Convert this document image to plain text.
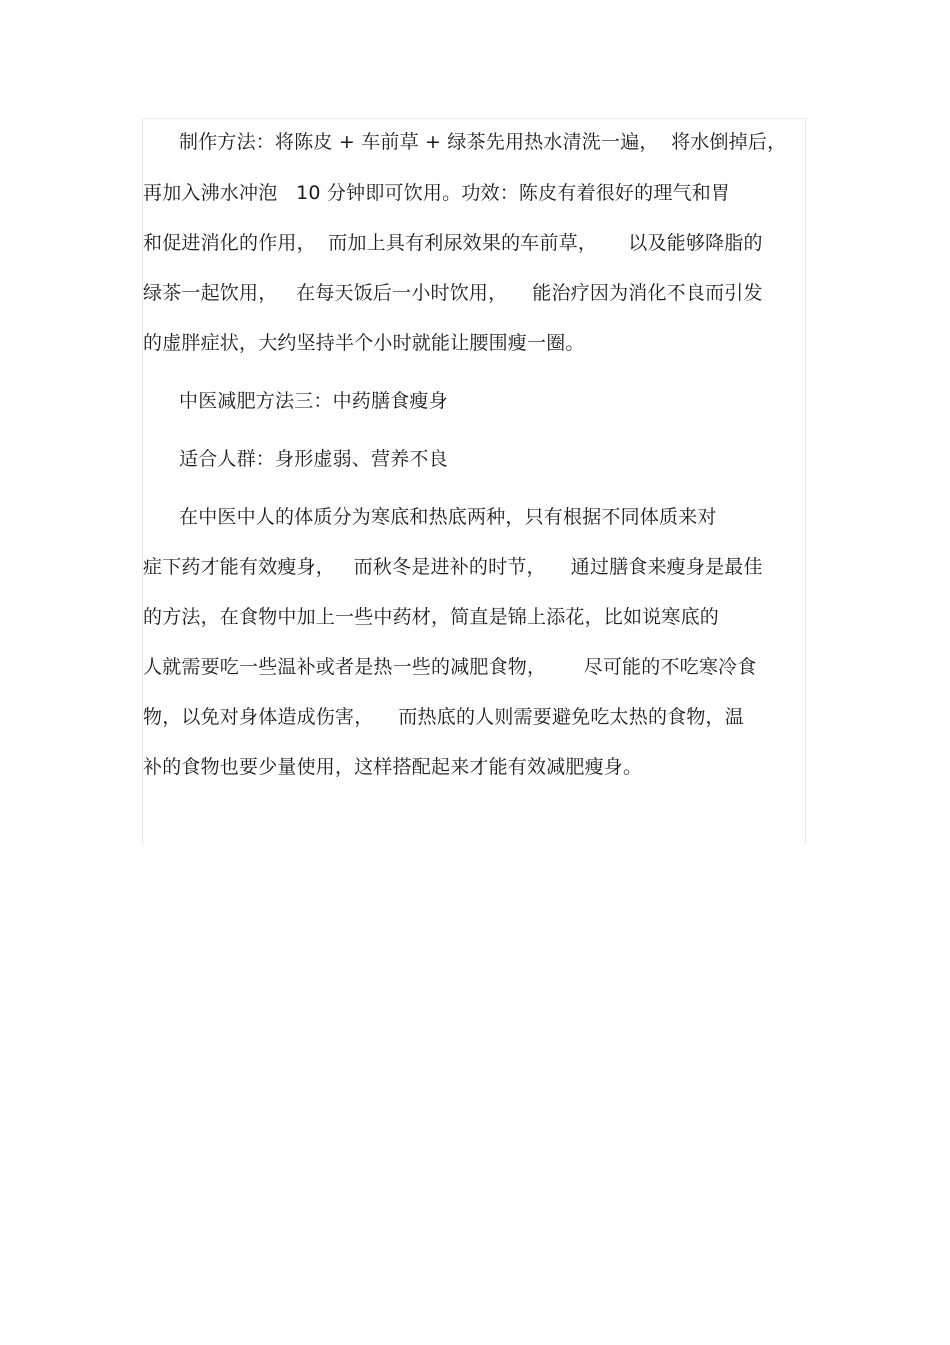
制作方法：将陈皮 + 车前草 + 绿茶先用热水清洗一遍，  将水倒掉后，
再加入沸水冲泡   10 分钟即可饮用。功效：陈皮有着很好的理气和胃
和促进消化的作用，  而加上具有利尿效果的车前草，     以及能够降脂的
绿茶一起饮用，   在每天饭后一小时饮用，    能治疗因为消化不良而引发
的虚胖症状，大约坚持半个小时就能让腰围瘦一圈。

中医减肥方法三：中药膳食瘦身

适合人群：身形虚弱、营养不良

在中医中人的体质分为寒底和热底两种，只有根据不同体质来对
症下药才能有效瘦身，   而秋冬是进补的时节，    通过膳食来瘦身是最佳
的方法，在食物中加上一些中药材，简直是锦上添花，比如说寒底的
人就需要吃一些温补或者是热一些的减肥食物，      尽可能的不吃寒冷食
物，以免对身体造成伤害，    而热底的人则需要避免吃太热的食物，温
补的食物也要少量使用，这样搭配起来才能有效减肥瘦身。
